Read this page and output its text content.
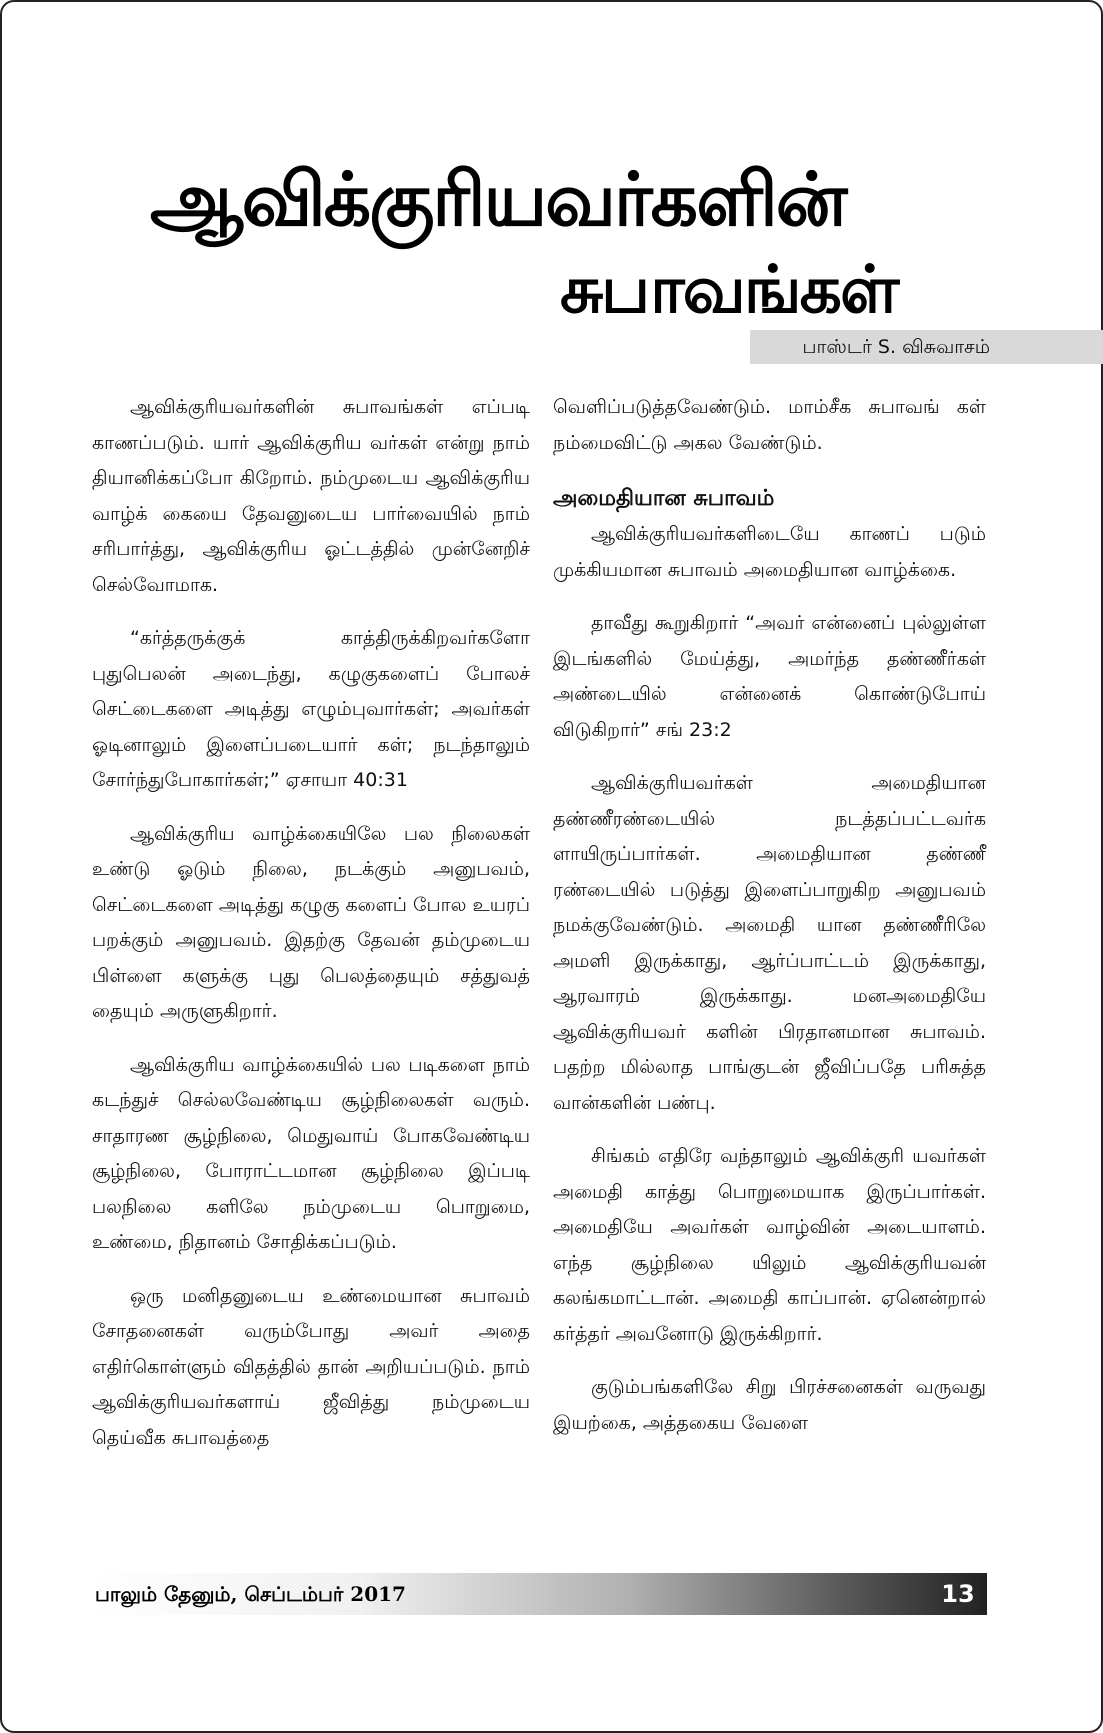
ஆவிக்குரியவர்களின்
சுபாவங்கள்
பாஸ்டர் S. விசுவாசம்

ஆவிக்குரியவர்களின் சுபாவங்கள் எப்படி காணப்படும். யார் ஆவிக்குரிய வர்கள் என்று நாம் தியானிக்கப்போ கிறோம். நம்முடைய ஆவிக்குரிய வாழ்க் கையை தேவனுடைய பார்வையில் நாம் சரிபார்த்து, ஆவிக்குரிய ஓட்டத்தில் முன்னேறிச் செல்வோமாக.

“கர்த்தருக்குக் காத்திருக்கிறவர்களோ புதுபெலன் அடைந்து, கழுகுகளைப் போலச் செட்டைகளை அடித்து எழும்புவார்கள்; அவர்கள் ஓடினாலும் இளைப்படையார் கள்; நடந்தாலும் சோர்ந்துபோகார்கள்;” ஏசாயா 40:31

ஆவிக்குரிய வாழ்க்கையிலே பல நிலைகள் உண்டு ஓடும் நிலை, நடக்கும் அனுபவம், செட்டைகளை அடித்து கழுகு களைப் போல உயரப் பறக்கும் அனுபவம். இதற்கு தேவன் தம்முடைய பிள்ளை களுக்கு புது பெலத்தையும் சத்துவத் தையும் அருளுகிறார்.

ஆவிக்குரிய வாழ்க்கையில் பல படிகளை நாம் கடந்துச் செல்லவேண்டிய சூழ்நிலைகள் வரும். சாதாரண சூழ்நிலை, மெதுவாய் போகவேண்டிய சூழ்நிலை, போராட்டமான சூழ்நிலை இப்படி பலநிலை களிலே நம்முடைய பொறுமை, உண்மை, நிதானம் சோதிக்கப்படும்.

ஒரு மனிதனுடைய உண்மையான சுபாவம் சோதனைகள் வரும்போது அவர் அதை எதிர்கொள்ளும் விதத்தில் தான் அறியப்படும். நாம் ஆவிக்குரியவர்களாய் ஜீவித்து நம்முடைய தெய்வீக சுபாவத்தை

வெளிப்படுத்தவேண்டும். மாம்சீக சுபாவங் கள் நம்மைவிட்டு அகல வேண்டும்.

அமைதியான சுபாவம்

ஆவிக்குரியவர்களிடையே காணப் படும் முக்கியமான சுபாவம் அமைதியான வாழ்க்கை.

தாவீது கூறுகிறார் “அவர் என்னைப் புல்லுள்ள இடங்களில் மேய்த்து, அமர்ந்த தண்ணீர்கள் அண்டையில் என்னைக் கொண்டுபோய் விடுகிறார்” சங் 23:2

ஆவிக்குரியவர்கள் அமைதியான தண்ணீரண்டையில் நடத்தப்பட்டவர்க ளாயிருப்பார்கள். அமைதியான தண்ணீ ரண்டையில் படுத்து இளைப்பாறுகிற அனுபவம் நமக்குவேண்டும். அமைதி யான தண்ணீரிலே அமளி இருக்காது, ஆர்ப்பாட்டம் இருக்காது, ஆரவாரம் இருக்காது. மனஅமைதியே ஆவிக்குரியவர் களின் பிரதானமான சுபாவம். பதற்ற மில்லாத பாங்குடன் ஜீவிப்பதே பரிசுத்த வான்களின் பண்பு.

சிங்கம் எதிரே வந்தாலும் ஆவிக்குரி யவர்கள் அமைதி காத்து பொறுமையாக இருப்பார்கள். அமைதியே அவர்கள் வாழ்வின் அடையாளம். எந்த சூழ்நிலை யிலும் ஆவிக்குரியவன் கலங்கமாட்டான். அமைதி காப்பான். ஏனென்றால் கர்த்தர் அவனோடு இருக்கிறார்.

குடும்பங்களிலே சிறு பிரச்சனைகள் வருவது இயற்கை, அத்தகைய வேளை

பாலும் தேனும், செப்டம்பர் 2017	13
